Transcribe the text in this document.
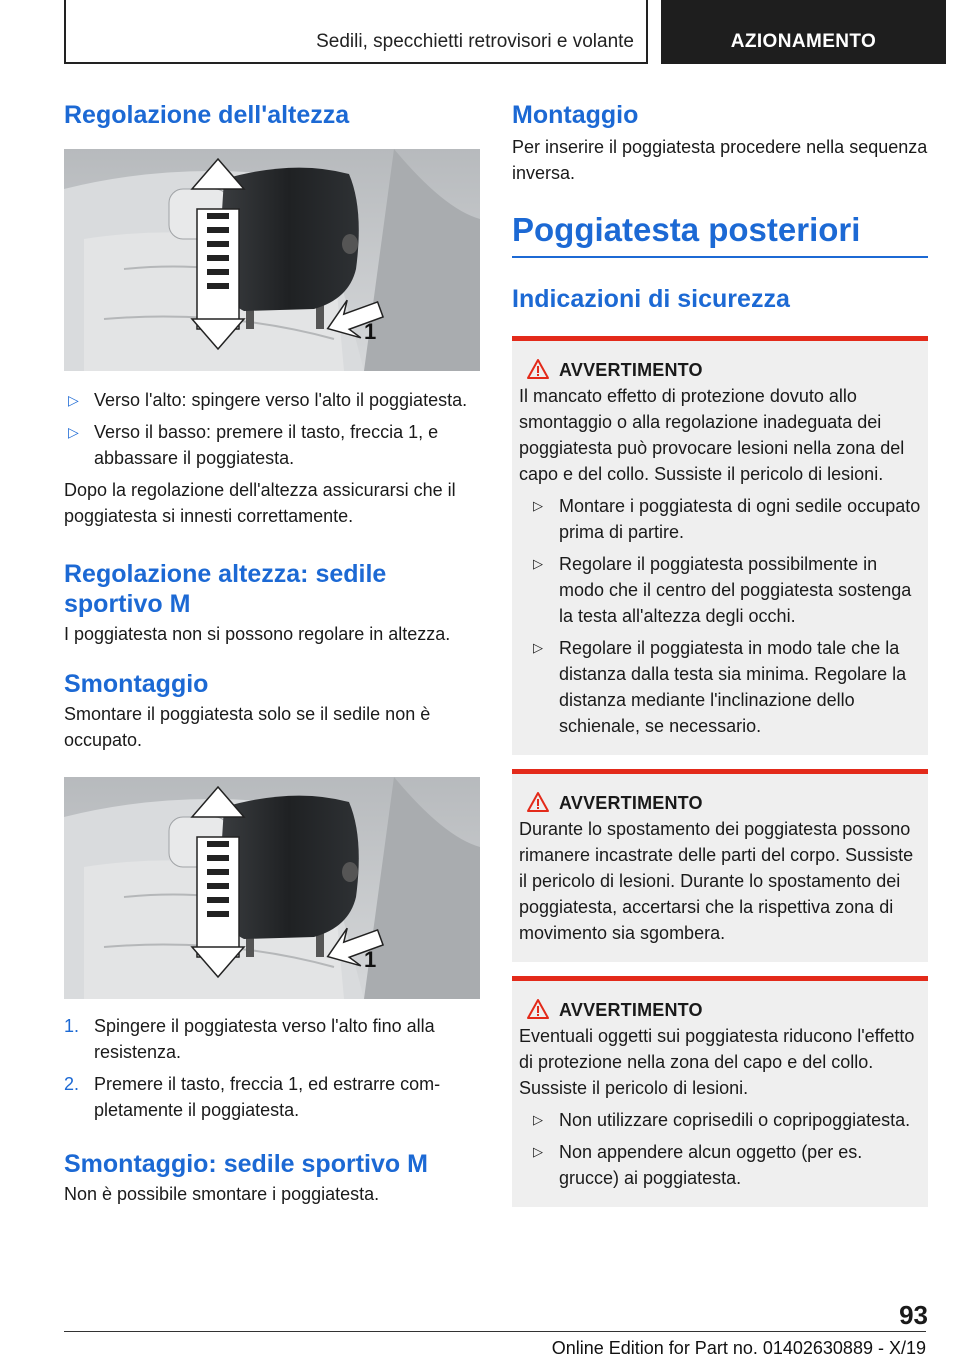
Sedili, specchietti retrovisori e volante	AZIONAMENTO
Regolazione dell'altezza
1
▷ Verso l'alto: spingere verso l'alto il poggiatesta.
▷ Verso il basso: premere il tasto, freccia 1, e abbassare il poggiatesta.

Dopo la regolazione dell'altezza assicurarsi che il poggiatesta si innesti correttamente.

Regolazione altezza: sedile sportivo M

I poggiatesta non si possono regolare in altezza.

Smontaggio

Smontare il poggiatesta solo se il sedile non è occupato.

1
1. Spingere il poggiatesta verso l'alto fino alla resistenza.
2. Premere il tasto, freccia 1, ed estrarre completamente il poggiatesta.
Smontaggio: sedile sportivo M

Non è possibile smontare i poggiatesta.

Montaggio

Per inserire il poggiatesta procedere nella sequenza inversa.

Poggiatesta posteriori
Indicazioni di sicurezza
AVVERTIMENTO

Il mancato effetto di protezione dovuto allo smontaggio o alla regolazione inadeguata dei poggiatesta può provocare lesioni nella zona del capo e del collo. Sussiste il pericolo di lesioni.

▷ Montare i poggiatesta di ogni sedile occupato prima di partire.
▷ Regolare il poggiatesta possibilmente in modo che il centro del poggiatesta sostenga la testa all'altezza degli occhi.
▷ Regolare il poggiatesta in modo tale che la distanza dalla testa sia minima. Regolare la distanza mediante l'inclinazione dello schienale, se necessario.
AVVERTIMENTO

Durante lo spostamento dei poggiatesta possono rimanere incastrate delle parti del corpo. Sussiste il pericolo di lesioni. Durante lo spostamento dei poggiatesta, accertarsi che la rispettiva zona di movimento sia sgombera.

AVVERTIMENTO

Eventuali oggetti sui poggiatesta riducono l'effetto di protezione nella zona del capo e del collo. Sussiste il pericolo di lesioni.

▷ Non utilizzare coprisedili o copripoggiatesta.
▷ Non appendere alcun oggetto (per es. grucce) ai poggiatesta.
93
Online Edition for Part no. 01402630889 - X/19
